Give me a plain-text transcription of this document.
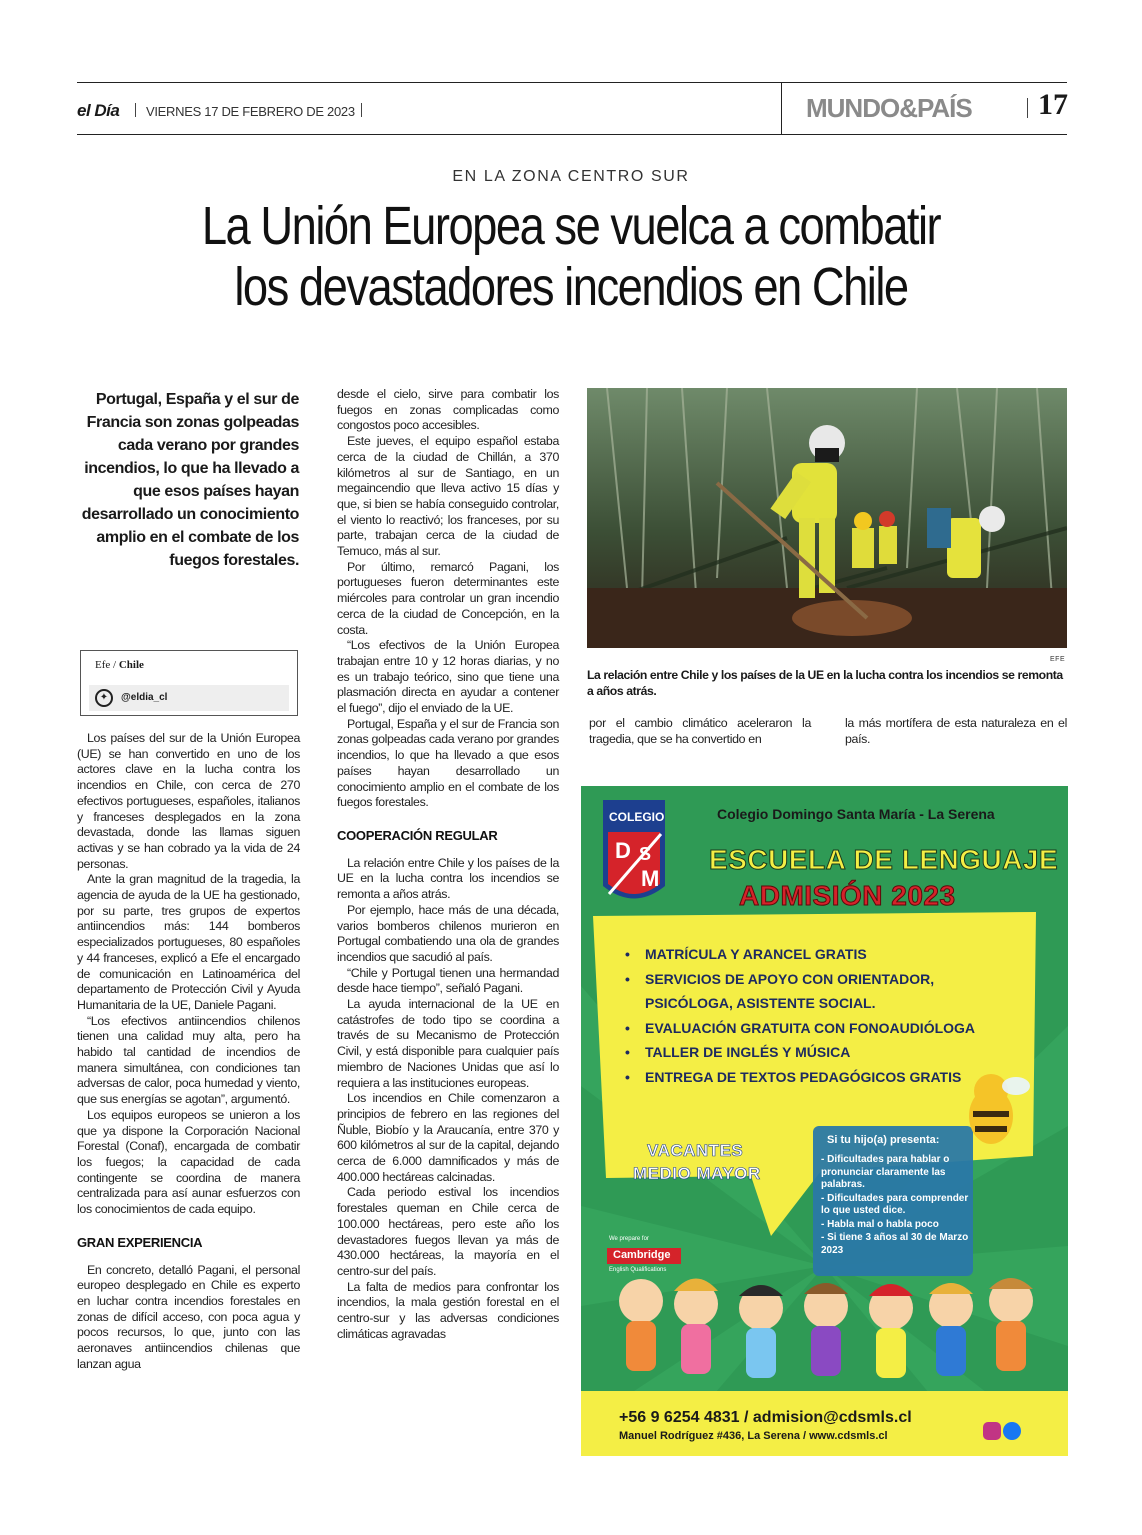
el Día VIERNES 17 DE FEBRERO DE 2023	MUNDO&PAÍS 17
EN LA ZONA CENTRO SUR
La Unión Europea se vuelca a combatir
los devastadores incendios en Chile
Portugal, España y el sur de Francia son zonas golpeadas cada verano por grandes incendios, lo que ha llevado a que esos países hayan desarrollado un conocimiento amplio en el combate de los fuegos forestales.
Efe / Chile
✦	@eldia_cl

Los países del sur de la Unión Europea (UE) se han convertido en uno de los actores clave en la lucha contra los incendios en Chile, con cerca de 270 efectivos portugueses, españoles, italianos y franceses desplegados en la zona devastada, donde las llamas siguen activas y se han cobrado ya la vida de 24 personas.

Ante la gran magnitud de la tragedia, la agencia de ayuda de la UE ha gestionado, por su parte, tres grupos de expertos antiincendios más: 144 bomberos especializados portugueses, 80 españoles y 44 franceses, explicó a Efe el encargado de comunicación en Latinoamérica del departamento de Protección Civil y Ayuda Humanitaria de la UE, Daniele Pagani.

“Los efectivos antiincendios chilenos tienen una calidad muy alta, pero ha habido tal cantidad de incendios de manera simultánea, con condiciones tan adversas de calor, poca humedad y viento, que sus energías se agotan”, argumentó.

Los equipos europeos se unieron a los que ya dispone la Corporación Nacional Forestal (Conaf), encargada de combatir los fuegos; la capacidad de cada contingente se coordina de manera centralizada para así aunar esfuerzos con los conocimientos de cada equipo.

GRAN EXPERIENCIA

En concreto, detalló Pagani, el personal europeo desplegado en Chile es experto en luchar contra incendios forestales en zonas de difícil acceso, con poca agua y pocos recursos, lo que, junto con las aeronaves antiincendios chilenas que lanzan agua

desde el cielo, sirve para combatir los fuegos en zonas complicadas como congostos poco accesibles.

Este jueves, el equipo español estaba cerca de la ciudad de Chillán, a 370 kilómetros al sur de Santiago, en un megaincendio que lleva activo 15 días y que, si bien se había conseguido controlar, el viento lo reactivó; los franceses, por su parte, trabajan cerca de la ciudad de Temuco, más al sur.

Por último, remarcó Pagani, los portugueses fueron determinantes este miércoles para controlar un gran incendio cerca de la ciudad de Concepción, en la costa.

“Los efectivos de la Unión Europea trabajan entre 10 y 12 horas diarias, y no es un trabajo teórico, sino que tiene una plasmación directa en ayudar a contener el fuego”, dijo el enviado de la UE.

Portugal, España y el sur de Francia son zonas golpeadas cada verano por grandes incendios, lo que ha llevado a que esos países hayan desarrollado un conocimiento amplio en el combate de los fuegos forestales.

COOPERACIÓN REGULAR

La relación entre Chile y los países de la UE en la lucha contra los incendios se remonta a años atrás.

Por ejemplo, hace más de una década, varios bomberos chilenos murieron en Portugal combatiendo una ola de grandes incendios que sacudió al país.

“Chile y Portugal tienen una hermandad desde hace tiempo”, señaló Pagani.

La ayuda internacional de la UE en catástrofes de todo tipo se coordina a través de su Mecanismo de Protección Civil, y está disponible para cualquier país miembro de Naciones Unidas que así lo requiera a las instituciones europeas.

Los incendios en Chile comenzaron a principios de febrero en las regiones del Ñuble, Biobío y la Araucanía, entre 370 y 600 kilómetros al sur de la capital, dejando cerca de 6.000 damnificados y más de 400.000 hectáreas calcinadas.

Cada periodo estival los incendios forestales queman en Chile cerca de 100.000 hectáreas, pero este año los devastadores fuegos llevan ya más de 430.000 hectáreas, la mayoría en el centro-sur del país.

La falta de medios para confrontar los incendios, la mala gestión forestal en el centro-sur y las adversas condiciones climáticas agravadas

EFE
La relación entre Chile y los países de la UE en la lucha contra los incendios se remonta a años atrás.

por el cambio climático aceleraron la tragedia, que se ha convertido en

la más mortífera de esta naturaleza en el país.

COLEGIO
D S
M
Colegio Domingo Santa María - La Serena
ESCUELA DE LENGUAJE
ADMISIÓN 2023
•	MATRÍCULA Y ARANCEL GRATIS
•	SERVICIOS DE APOYO CON ORIENTADOR, PSICÓLOGA, ASISTENTE SOCIAL.
•	EVALUACIÓN GRATUITA CON FONOAUDIÓLOGA
•	TALLER DE INGLÉS Y MÚSICA
•	ENTREGA DE TEXTOS PEDAGÓGICOS GRATIS
VACANTES
MEDIO MAYOR
We prepare for
Cambridge
English Qualifications
Si tu hijo(a) presenta:
- Dificultades para hablar o pronunciar claramente las palabras.
- Dificultades para comprender lo que usted dice.
- Habla mal o habla poco
- Si tiene 3 años al 30 de Marzo 2023
+56 9 6254 4831 / admision@cdsmls.cl
Manuel Rodríguez #436, La Serena / www.cdsmls.cl
